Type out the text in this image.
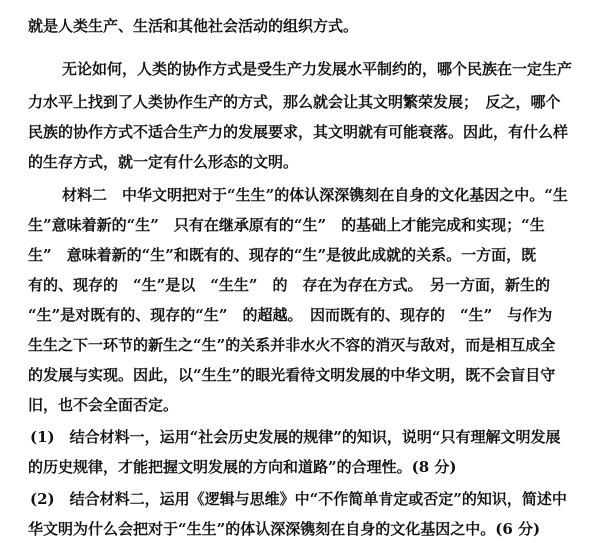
就是人类生产、生活和其他社会活动的组织方式。
无论如何，人类的协作方式是受生产力发展水平制约的，哪个民族在一定生产
力水平上找到了人类协作生产的方式，那么就会让其文明繁荣发展；　反之，哪个
民族的协作方式不适合生产力的发展要求，其文明就有可能衰落。因此，有什么样
的生存方式，就一定有什么形态的文明。
材料二　中华文明把对于“生生”的体认深深镌刻在自身的文化基因之中。“生
生”意味着新的“生”　只有在继承原有的“生”　的基础上才能完成和实现；“生
生”　意味着新的“生”和既有的、现存的“生”是彼此成就的关系。一方面，既
有的、现存的　“生”是以　“生生”　的　存在为存在方式。　另一方面，新生的
“生”是对既有的、现存的“生”　的超越。　因而既有的、现存的　“生”　与作为
生生之下一环节的新生之“生”的关系并非水火不容的消灭与敌对，而是相互成全
的发展与实现。因此，以“生生”的眼光看待文明发展的中华文明，既不会盲目守
旧，也不会全面否定。
(1)　结合材料一，运用“社会历史发展的规律”的知识，说明“只有理解文明发展
的历史规律，才能把握文明发展的方向和道路”的合理性。(8 分)
(2)　结合材料二，运用《逻辑与思维》中“不作简单肯定或否定”的知识，简述中
华文明为什么会把对于“生生”的体认深深镌刻在自身的文化基因之中。(6 分)
